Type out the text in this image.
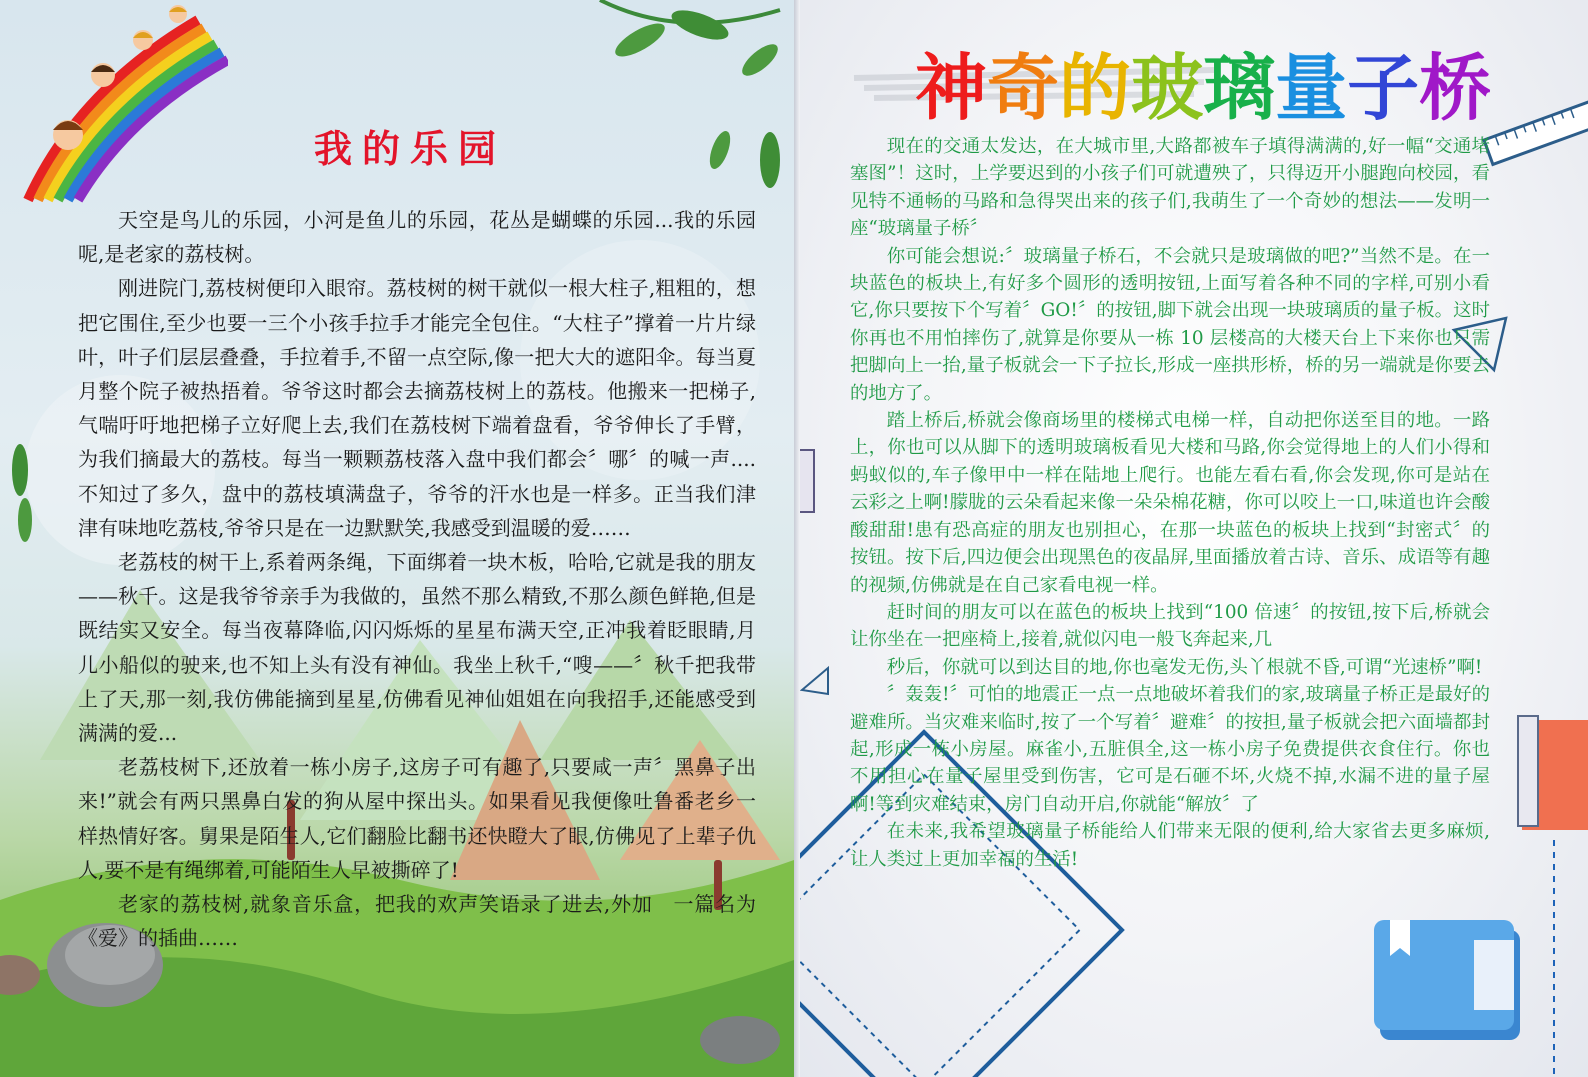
我的乐园

天空是鸟儿的乐园，小河是鱼儿的乐园，花丛是蝴蝶的乐园...我的乐园呢,是老家的荔枝树。

刚进院门,荔枝树便印入眼帘。荔枝树的树干就似一根大柱子,粗粗的，想把它围住,至少也要一三个小孩手拉手才能完全包住。“大柱子”撑着一片片绿叶，叶子们层层叠叠，手拉着手,不留一点空际,像一把大大的遮阳伞。每当夏月整个院子被热捂着。爷爷这时都会去摘荔枝树上的荔枝。他搬来一把梯子,气喘吁吁地把梯子立好爬上去,我们在荔枝树下端着盘看，爷爷伸长了手臂，为我们摘最大的荔枝。每当一颗颗荔枝落入盘中我们都会〞哪〞的喊一声....不知过了多久，盘中的荔枝填满盘子，爷爷的汗水也是一样多。正当我们津津有味地吃荔枝,爷爷只是在一边默默笑,我感受到温暖的爱……

老荔枝的树干上,系着两条绳，下面绑着一块木板，哈哈,它就是我的朋友——秋千。这是我爷爷亲手为我做的，虽然不那么精致,不那么颜色鲜艳,但是既结实又安全。每当夜幕降临,闪闪烁烁的星星布满天空,正冲我着眨眼睛,月儿小船似的驶来,也不知上头有没有神仙。我坐上秋千,“嗖——〞秋千把我带上了天,那一刻,我仿佛能摘到星星,仿佛看见神仙姐姐在向我招手,还能感受到满满的爱...

老荔枝树下,还放着一栋小房子,这房子可有趣了,只要咸一声〞黑鼻子出来!”就会有两只黑鼻白发的狗从屋中探出头。如果看见我便像吐鲁番老乡一样热情好客。舅果是陌生人,它们翻脸比翻书还快瞪大了眼,仿佛见了上辈子仇人,要不是有绳绑着,可能陌生人早被撕碎了!

老家的荔枝树,就象音乐盒，把我的欢声笑语录了进去,外加　一篇名为《爱》的插曲……

神奇的玻璃量子桥

现在的交通太发达，在大城市里,大路都被车子填得满满的,好一幅“交通堵塞图”！这时，上学要迟到的小孩子们可就遭殃了，只得迈开小腿跑向校园，看见特不通畅的马路和急得哭出来的孩子们,我萌生了一个奇妙的想法——发明一座“玻璃量子桥〞

你可能会想说:〞玻璃量子桥石，不会就只是玻璃做的吧?”当然不是。在一块蓝色的板块上,有好多个圆形的透明按钮,上面写着各种不同的字样,可别小看它,你只要按下个写着〞GO!〞的按钮,脚下就会出现一块玻璃质的量子板。这时你再也不用怕摔伤了,就算是你要从一栋 10 层楼高的大楼天台上下来你也只需把脚向上一抬,量子板就会一下子拉长,形成一座拱形桥，桥的另一端就是你要去的地方了。

踏上桥后,桥就会像商场里的楼梯式电梯一样，自动把你送至目的地。一路上，你也可以从脚下的透明玻璃板看见大楼和马路,你会觉得地上的人们小得和蚂蚁似的,车子像甲中一样在陆地上爬行。也能左看右看,你会发现,你可是站在云彩之上啊!朦胧的云朵看起来像一朵朵棉花糖，你可以咬上一口,味道也许会酸酸甜甜!患有恐高症的朋友也别担心，在那一块蓝色的板块上找到“封密式〞的按钮。按下后,四边便会出现黑色的夜晶屏,里面播放着古诗、音乐、成语等有趣的视频,仿佛就是在自己家看电视一样。

赶时间的朋友可以在蓝色的板块上找到“100 倍速〞的按钮,按下后,桥就会让你坐在一把座椅上,接着,就似闪电一般飞奔起来,几

秒后，你就可以到达目的地,你也毫发无伤,头丫根就不昏,可谓“光速桥”啊!

〞轰轰!〞可怕的地震正一点一点地破坏着我们的家,玻璃量子桥正是最好的避难所。当灾难来临时,按了一个写着〞避难〞的按担,量子板就会把六面墙都封起,形成一栋小房屋。麻雀小,五脏俱全,这一栋小房子免费提供衣食住行。你也不用担心在量子屋里受到伤害，它可是石砸不坏,火烧不掉,水漏不进的量子屋啊!等到灾难结束，房门自动开启,你就能“解放〞了

在未来,我希望玻璃量子桥能给人们带来无限的便利,给大家省去更多麻烦,让人类过上更加幸福的生活!
